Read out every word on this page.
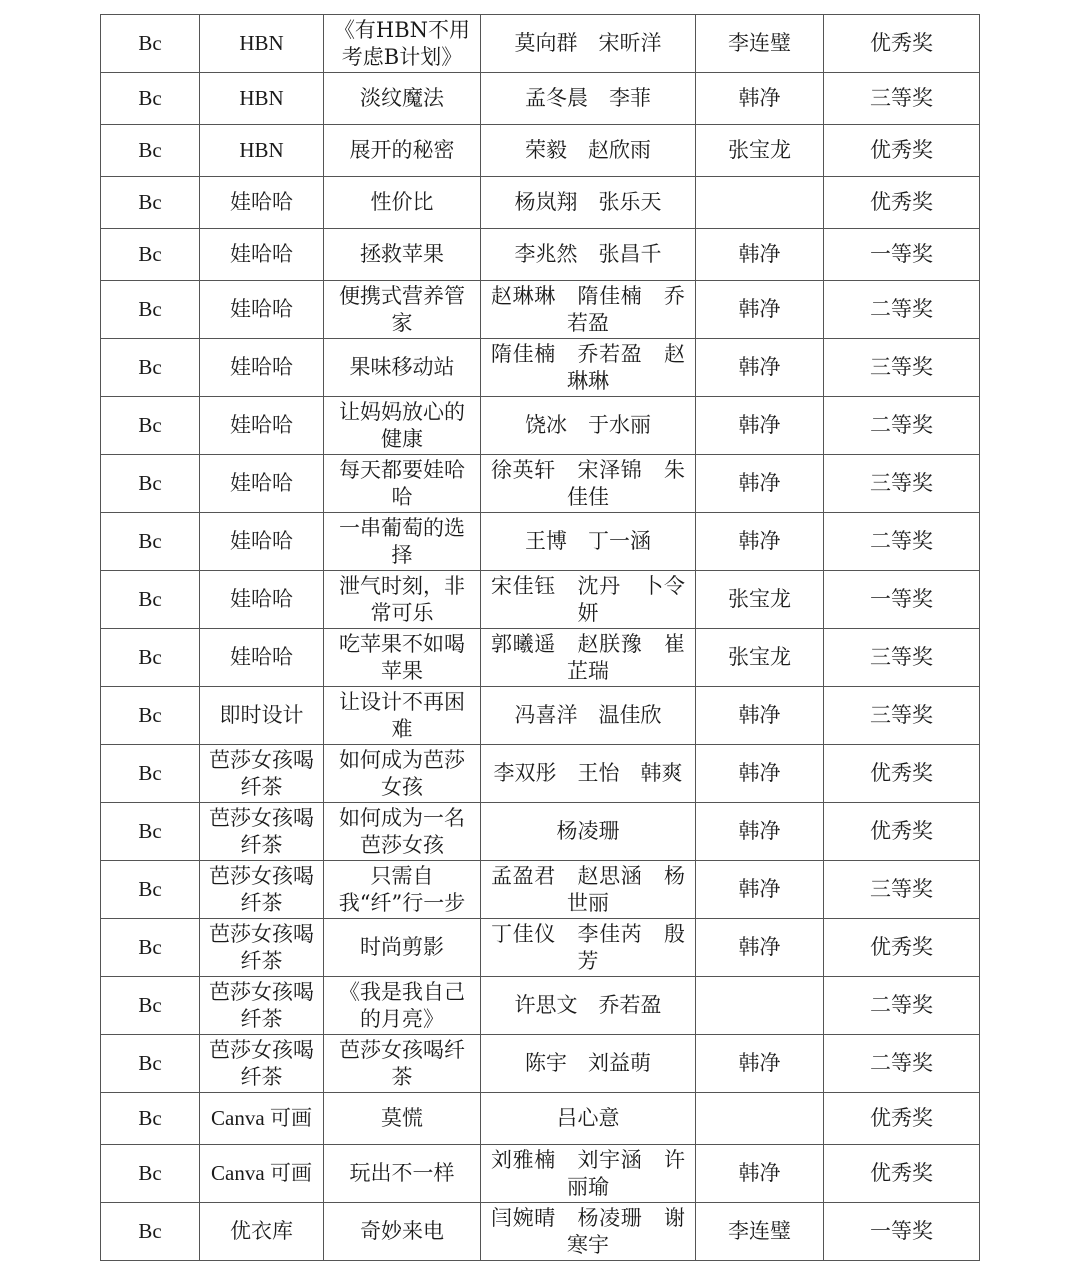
Bc	HBN	《有HBN不用考虑B计划》	莫向群　宋昕洋	李连璧	优秀奖
Bc	HBN	淡纹魔法	孟冬晨　李菲	韩净	三等奖
Bc	HBN	展开的秘密	荣毅　赵欣雨	张宝龙	优秀奖
Bc	娃哈哈	性价比	杨岚翔　张乐天		优秀奖
Bc	娃哈哈	拯救苹果	李兆然　张昌千	韩净	一等奖
Bc	娃哈哈	便携式营养管家	赵琳琳　隋佳楠　乔若盈	韩净	二等奖
Bc	娃哈哈	果味移动站	隋佳楠　乔若盈　赵琳琳	韩净	三等奖
Bc	娃哈哈	让妈妈放心的健康	饶冰　于水丽	韩净	二等奖
Bc	娃哈哈	每天都要娃哈哈	徐英轩　宋泽锦　朱佳佳	韩净	三等奖
Bc	娃哈哈	一串葡萄的选择	王博　丁一涵	韩净	二等奖
Bc	娃哈哈	泄气时刻，非常可乐	宋佳钰　沈丹　卜令妍	张宝龙	一等奖
Bc	娃哈哈	吃苹果不如喝苹果	郭曦遥　赵朕豫　崔芷瑞	张宝龙	三等奖
Bc	即时设计	让设计不再困难	冯喜洋　温佳欣	韩净	三等奖
Bc	芭莎女孩喝纤茶	如何成为芭莎女孩	李双彤　王怡　韩爽	韩净	优秀奖
Bc	芭莎女孩喝纤茶	如何成为一名芭莎女孩	杨凌珊	韩净	优秀奖
Bc	芭莎女孩喝纤茶	只需自我“纤”行一步	孟盈君　赵思涵　杨世丽	韩净	三等奖
Bc	芭莎女孩喝纤茶	时尚剪影	丁佳仪　李佳芮　殷芳	韩净	优秀奖
Bc	芭莎女孩喝纤茶	《我是我自己的月亮》	许思文　乔若盈		二等奖
Bc	芭莎女孩喝纤茶	芭莎女孩喝纤茶	陈宇　刘益萌	韩净	二等奖
Bc	Canva 可画	莫慌	吕心意		优秀奖
Bc	Canva 可画	玩出不一样	刘雅楠　刘宇涵　许丽瑜	韩净	优秀奖
Bc	优衣库	奇妙来电	闫婉晴　杨凌珊　谢寒宇	李连璧	一等奖
